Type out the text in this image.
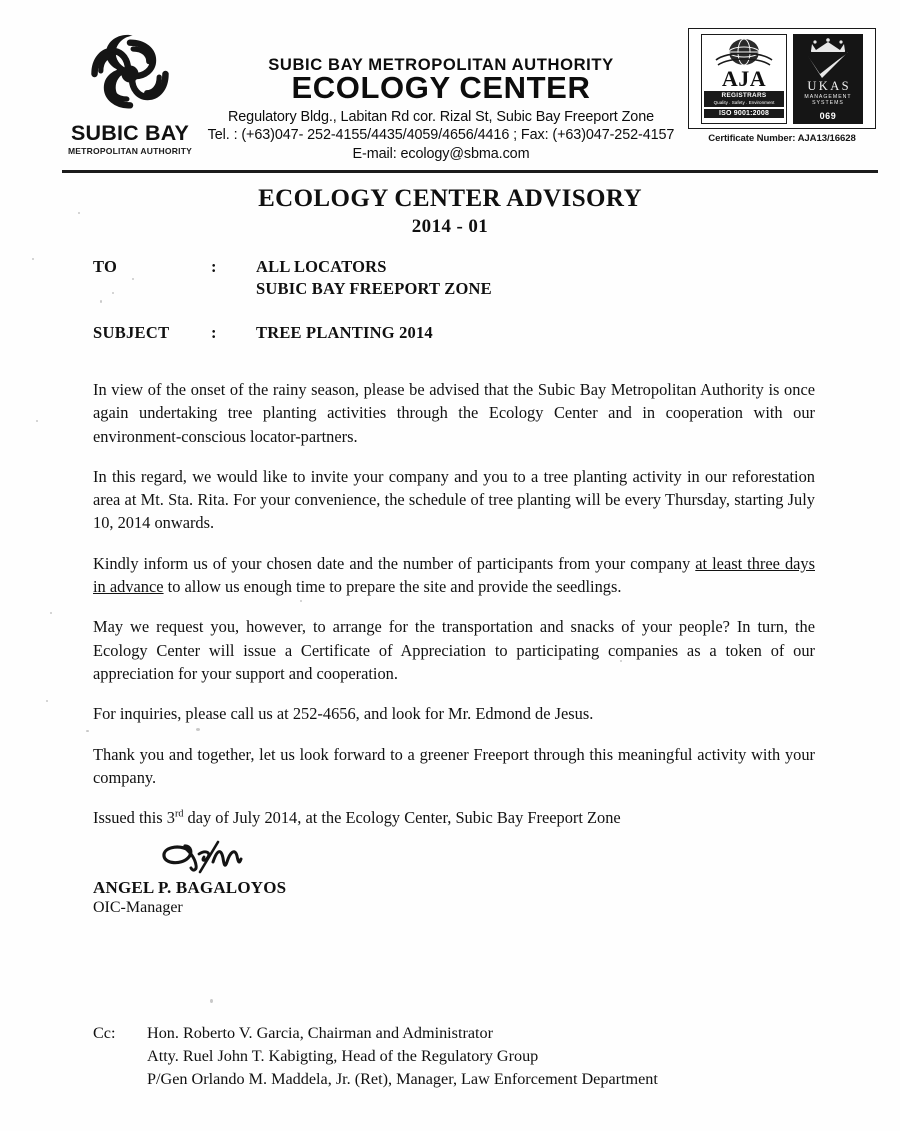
SUBIC BAY
METROPOLITAN AUTHORITY
SUBIC BAY METROPOLITAN AUTHORITY
ECOLOGY CENTER
Regulatory Bldg., Labitan Rd cor. Rizal St, Subic Bay Freeport Zone
Tel. : (+63)047- 252-4155/4435/4059/4656/4416 ; Fax: (+63)047-252-4157
E-mail: ecology@sbma.com
AJA
REGISTRARS
Quality . Safety . Environment
ISO 9001:2008
UKAS
MANAGEMENT
SYSTEMS
069
Certificate Number: AJA13/16628
ECOLOGY CENTER ADVISORY
2014 - 01
TO	:	ALL LOCATORS
SUBIC BAY FREEPORT ZONE
SUBJECT	:	TREE PLANTING 2014

In view of the onset of the rainy season, please be advised that the Subic Bay Metropolitan Authority is once again undertaking tree planting activities through the Ecology Center and in cooperation with our environment-conscious locator-partners.

In this regard, we would like to invite your company and you to a tree planting activity in our reforestation area at Mt. Sta. Rita. For your convenience, the schedule of tree planting will be every Thursday, starting July 10, 2014 onwards.

Kindly inform us of your chosen date and the number of participants from your company at least three days in advance to allow us enough time to prepare the site and provide the seedlings.

May we request you, however, to arrange for the transportation and snacks of your people? In turn, the Ecology Center will issue a Certificate of Appreciation to participating companies as a token of our appreciation for your support and cooperation.

For inquiries, please call us at 252-4656, and look for Mr. Edmond de Jesus.

Thank you and together, let us look forward to a greener Freeport through this meaningful activity with your company.

Issued this 3rd day of July 2014, at the Ecology Center, Subic Bay Freeport Zone

ANGEL P. BAGALOYOS
OIC-Manager
Cc:	Hon. Roberto V. Garcia, Chairman and Administrator
Atty. Ruel John T. Kabigting, Head of the Regulatory Group
P/Gen Orlando M. Maddela, Jr. (Ret), Manager, Law Enforcement Department
